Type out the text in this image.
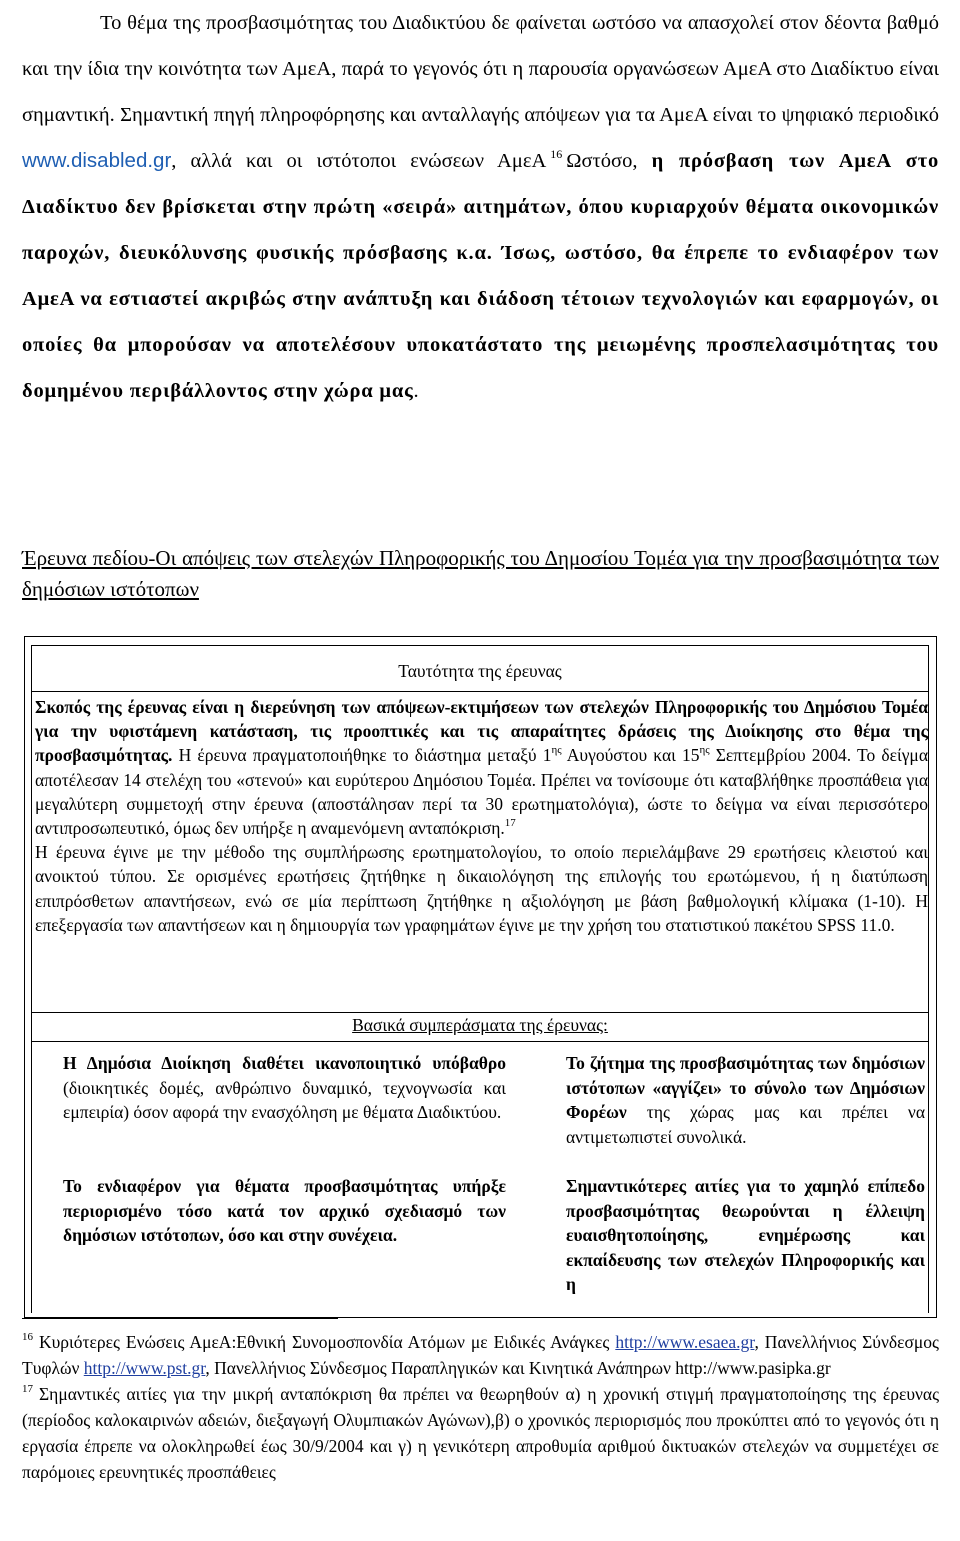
Το θέμα της προσβασιμότητας του Διαδικτύου δε φαίνεται ωστόσο να απασχολεί στον δέοντα βαθμό και την ίδια την κοινότητα των ΑμεΑ, παρά το γεγονός ότι η παρουσία οργανώσεων ΑμεΑ στο Διαδίκτυο είναι σημαντική. Σημαντική πηγή πληροφόρησης και ανταλλαγής απόψεων για τα ΑμεΑ είναι το ψηφιακό περιοδικό www.disabled.gr, αλλά και οι ιστότοποι ενώσεων ΑμεΑ $^{16}$ Ωστόσο, η πρόσβαση των ΑμεΑ στο Διαδίκτυο δεν βρίσκεται στην πρώτη «σειρά» αιτημάτων, όπου κυριαρχούν θέματα οικονομικών παροχών, διευκόλυνσης φυσικής πρόσβασης κ.α. Ίσως, ωστόσο, θα έπρεπε το ενδιαφέρον των ΑμεΑ να εστιαστεί ακριβώς στην ανάπτυξη και διάδοση τέτοιων τεχνολογιών και εφαρμογών, οι οποίες θα μπορούσαν να αποτελέσουν υποκατάστατο της μειωμένης προσπελασιμότητας του δομημένου περιβάλλοντος στην χώρα μας.

Έρευνα πεδίου-Οι απόψεις των στελεχών Πληροφορικής του Δημοσίου Τομέα για την προσβασιμότητα των δημόσιων ιστότοπων

Ταυτότητα της έρευνας

Σκοπός της έρευνας είναι η διερεύνηση των απόψεων-εκτιμήσεων των στελεχών Πληροφορικής του Δημόσιου Τομέα για την υφιστάμενη κατάσταση, τις προοπτικές και τις απαραίτητες δράσεις της Διοίκησης στο θέμα της προσβασιμότητας. Η έρευνα πραγματοποιήθηκε το διάστημα μεταξύ $1^{\eta\varsigma}$ Αυγούστου και $15^{\eta\varsigma}$ Σεπτεμβρίου 2004. Το δείγμα αποτέλεσαν 14 στελέχη του «στενού» και ευρύτερου Δημόσιου Τομέα. Πρέπει να τονίσουμε ότι καταβλήθηκε προσπάθεια για μεγαλύτερη συμμετοχή στην έρευνα (αποστάλησαν περί τα 30 ερωτηματολόγια), ώστε το δείγμα να είναι περισσότερο αντιπροσωπευτικό, όμως δεν υπήρξε η αναμενόμενη ανταπόκριση.$^{17}$
Η έρευνα έγινε με την μέθοδο της συμπλήρωσης ερωτηματολογίου, το οποίο περιελάμβανε 29 ερωτήσεις κλειστού και ανοικτού τύπου. Σε ορισμένες ερωτήσεις ζητήθηκε η δικαιολόγηση της επιλογής του ερωτώμενου, ή η διατύπωση επιπρόσθετων απαντήσεων, ενώ σε μία περίπτωση ζητήθηκε η αξιολόγηση με βάση βαθμολογική κλίμακα (1-10). Η επεξεργασία των απαντήσεων και η δημιουργία των γραφημάτων έγινε με την χρήση του στατιστικού πακέτου SPSS 11.0.

Βασικά συμπεράσματα της έρευνας:

Η Δημόσια Διοίκηση διαθέτει ικανοποιητικό υπόβαθρο (διοικητικές δομές, ανθρώπινο δυναμικό, τεχνογνωσία και εμπειρία) όσον αφορά την ενασχόληση με θέματα Διαδικτύου.

Το ζήτημα της προσβασιμότητας των δημόσιων ιστότοπων «αγγίζει» το σύνολο των Δημόσιων Φορέων της χώρας μας και πρέπει να αντιμετωπιστεί συνολικά.

Το ενδιαφέρον για θέματα προσβασιμότητας υπήρξε περιορισμένο τόσο κατά τον αρχικό σχεδιασμό των δημόσιων ιστότοπων, όσο και στην συνέχεια.

Σημαντικότερες αιτίες για το χαμηλό επίπεδο προσβασιμότητας θεωρούνται η έλλειψη ευαισθητοποίησης, ενημέρωσης και εκπαίδευσης των στελεχών Πληροφορικής και η

$^{16}$ Κυριότερες Ενώσεις ΑμεΑ:Εθνική Συνομοσπονδία Ατόμων με Ειδικές Ανάγκες http://www.esaea.gr, Πανελλήνιος Σύνδεσμος Τυφλών http://www.pst.gr, Πανελλήνιος Σύνδεσμος Παραπληγικών και Κινητικά Ανάπηρων http://www.pasipka.gr

$^{17}$ Σημαντικές αιτίες για την μικρή ανταπόκριση θα πρέπει να θεωρηθούν α) η χρονική στιγμή πραγματοποίησης της έρευνας (περίοδος καλοκαιρινών αδειών, διεξαγωγή Ολυμπιακών Αγώνων),β) ο χρονικός περιορισμός που προκύπτει από το γεγονός ότι η εργασία έπρεπε να ολοκληρωθεί έως 30/9/2004 και γ) η γενικότερη απροθυμία αριθμού δικτυακών στελεχών να συμμετέχει σε παρόμοιες ερευνητικές προσπάθειες
